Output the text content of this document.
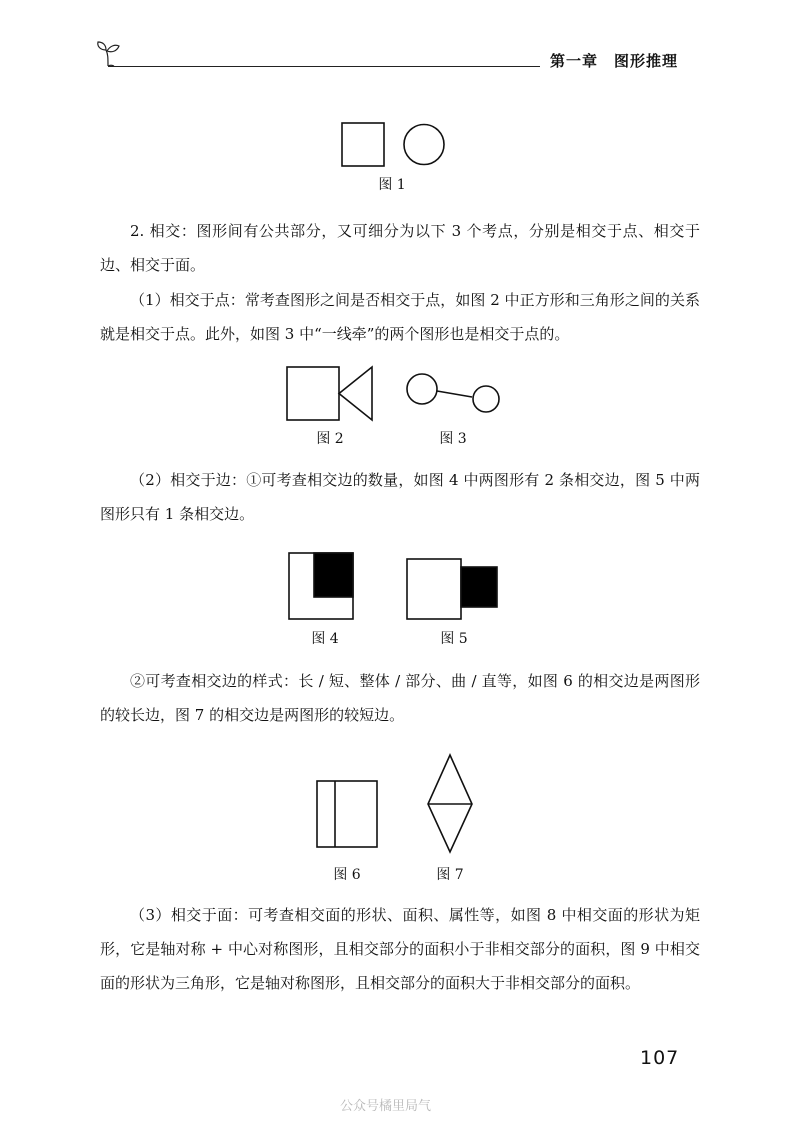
第一章 图形推理
图 1

2. 相交：图形间有公共部分，又可细分为以下 3 个考点，分别是相交于点、相交于边、相交于面。

（1）相交于点：常考查图形之间是否相交于点，如图 2 中正方形和三角形之间的关系就是相交于点。此外，如图 3 中“一线牵”的两个图形也是相交于点的。

图 2	图 3

（2）相交于边：①可考查相交边的数量，如图 4 中两图形有 2 条相交边，图 5 中两图形只有 1 条相交边。

图 4	图 5

②可考查相交边的样式：长 / 短、整体 / 部分、曲 / 直等，如图 6 的相交边是两图形的较长边，图 7 的相交边是两图形的较短边。

图 6	图 7

（3）相交于面：可考查相交面的形状、面积、属性等，如图 8 中相交面的形状为矩形，它是轴对称 + 中心对称图形，且相交部分的面积小于非相交部分的面积，图 9 中相交面的形状为三角形，它是轴对称图形，且相交部分的面积大于非相交部分的面积。

107
公众号橘里局气
